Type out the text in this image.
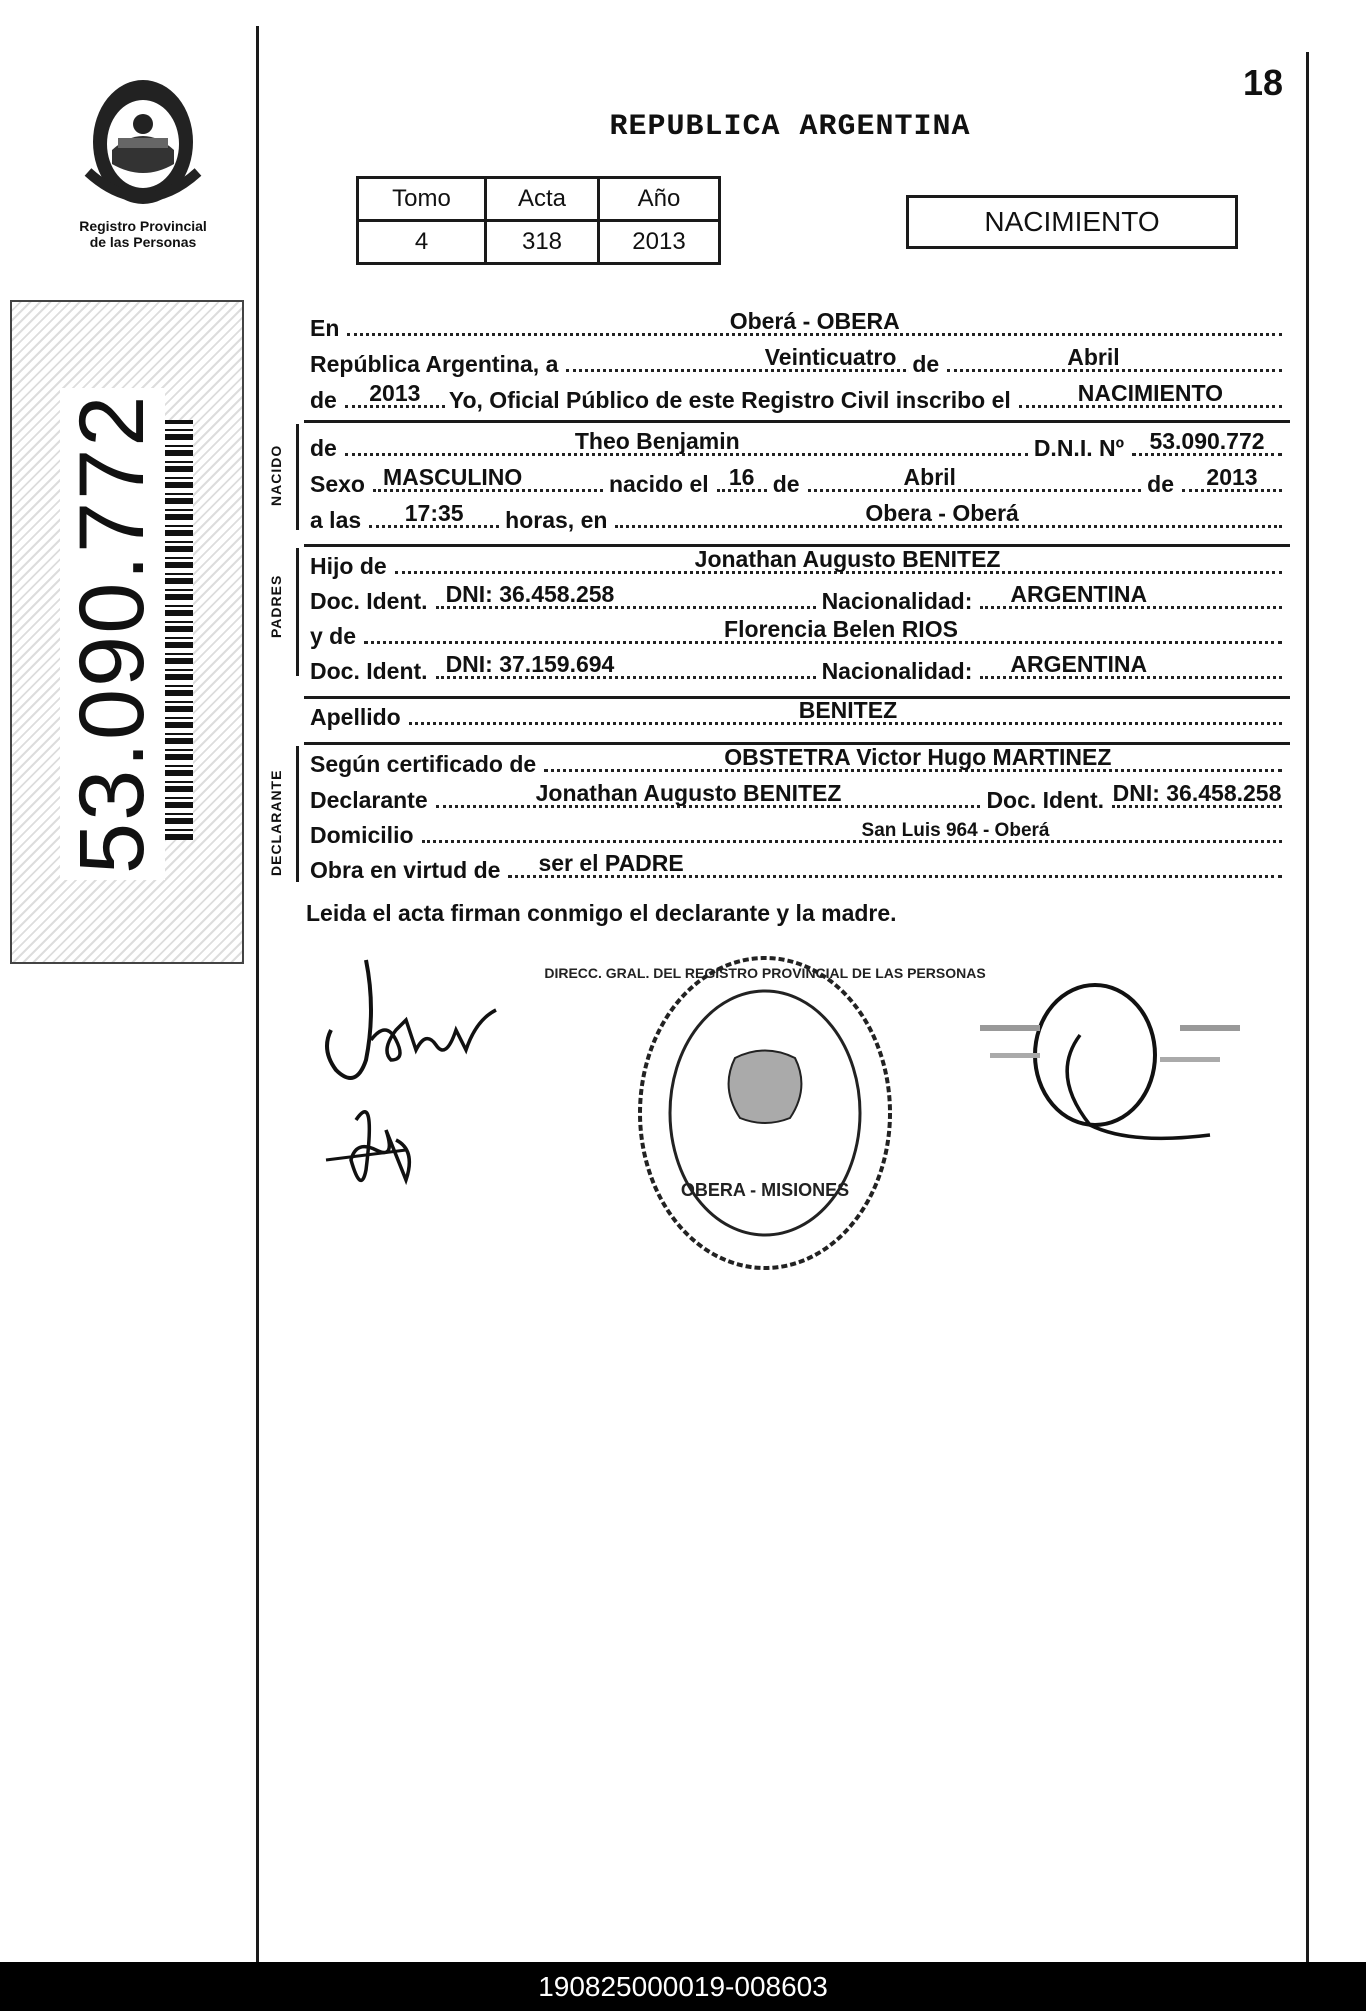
Registro Provincial
de las Personas
53.090.772
18
REPUBLICA ARGENTINA
Tomo	Acta	Año
4	318	2013
NACIMIENTO
En	Oberá - OBERA
República Argentina, a	Veinticuatro de	Abril
de	2013	Yo, Oficial Público de este Registro Civil inscribo el	NACIMIENTO
NACIDO de	Theo Benjamin	D.N.I. Nº	53.090.772
Sexo MASCULINO	nacido el 16 de	Abril	de	2013
a las	17:35	horas, en	Obera - Oberá
PADRES
Hijo de	Jonathan Augusto BENITEZ
Doc. Ident. DNI: 36.458.258	Nacionalidad: ARGENTINA
y de	Florencia Belen RIOS
Doc. Ident. DNI: 37.159.694	Nacionalidad: ARGENTINA
Apellido	BENITEZ
DECLARANTE
Según certificado de	OBSTETRA Victor Hugo MARTINEZ
Declarante	Jonathan Augusto BENITEZ	Doc. Ident. DNI: 36.458.258
Domicilio	San Luis 964 - Oberá
Obra en virtud de ser el PADRE
Leida el acta firman conmigo el declarante y la madre.
OBERA - MISIONES
DIRECC. GRAL. DEL REGISTRO PROVINCIAL DE LAS PERSONAS
190825000019-008603
